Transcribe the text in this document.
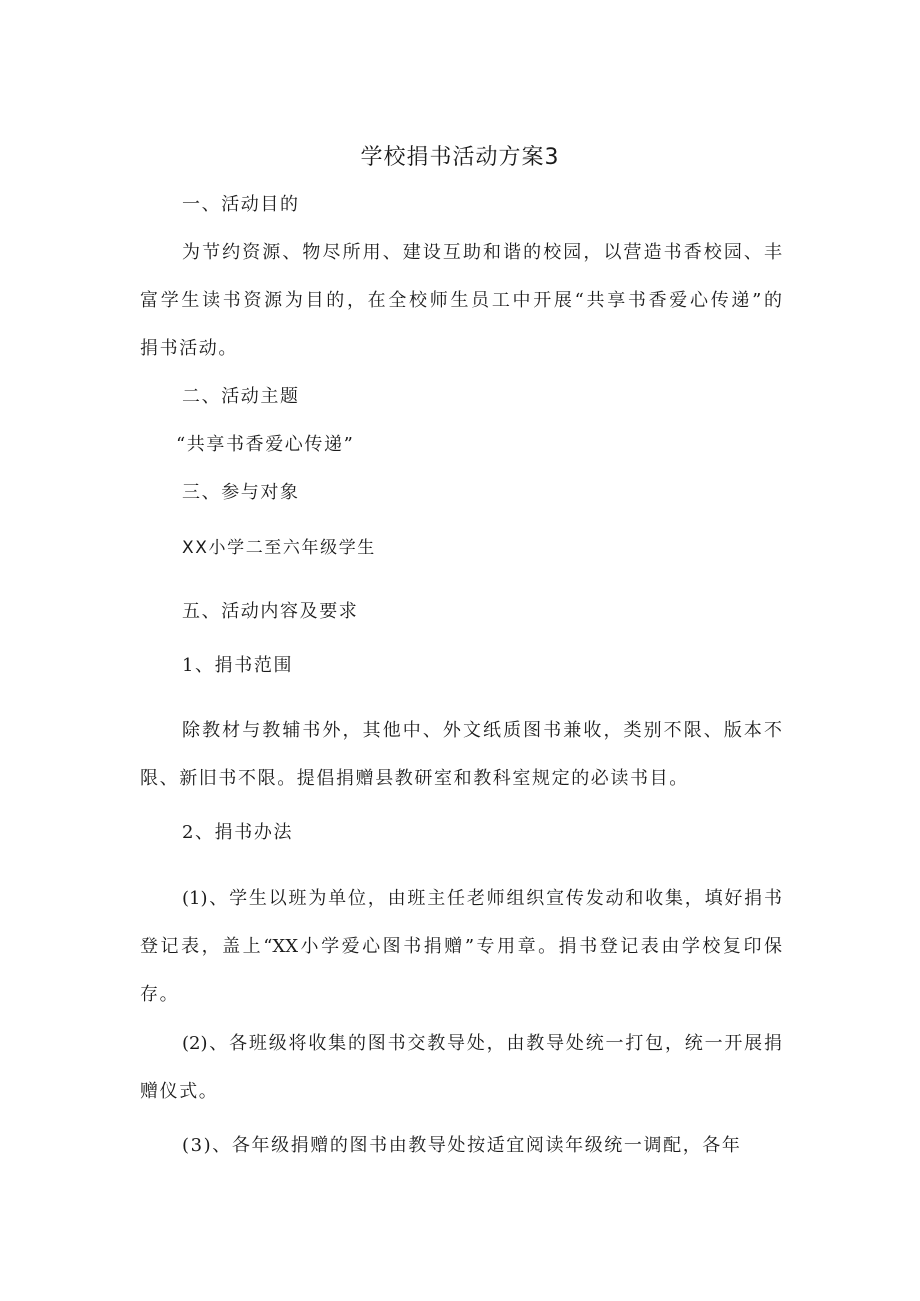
学校捐书活动方案3
一、活动目的
为节约资源、物尽所用、建设互助和谐的校园，以营造书香校园、丰
富学生读书资源为目的，在全校师生员工中开展“共享书香爱心传递”的
捐书活动。
二、活动主题
“共享书香爱心传递”
三、参与对象
XX小学二至六年级学生
五、活动内容及要求
1、捐书范围
除教材与教辅书外，其他中、外文纸质图书兼收，类别不限、版本不
限、新旧书不限。提倡捐赠县教研室和教科室规定的必读书目。
2、捐书办法
(1)、学生以班为单位，由班主任老师组织宣传发动和收集，填好捐书
登记表，盖上“XX小学爱心图书捐赠”专用章。捐书登记表由学校复印保
存。
(2)、各班级将收集的图书交教导处，由教导处统一打包，统一开展捐
赠仪式。
(3)、各年级捐赠的图书由教导处按适宜阅读年级统一调配，各年
